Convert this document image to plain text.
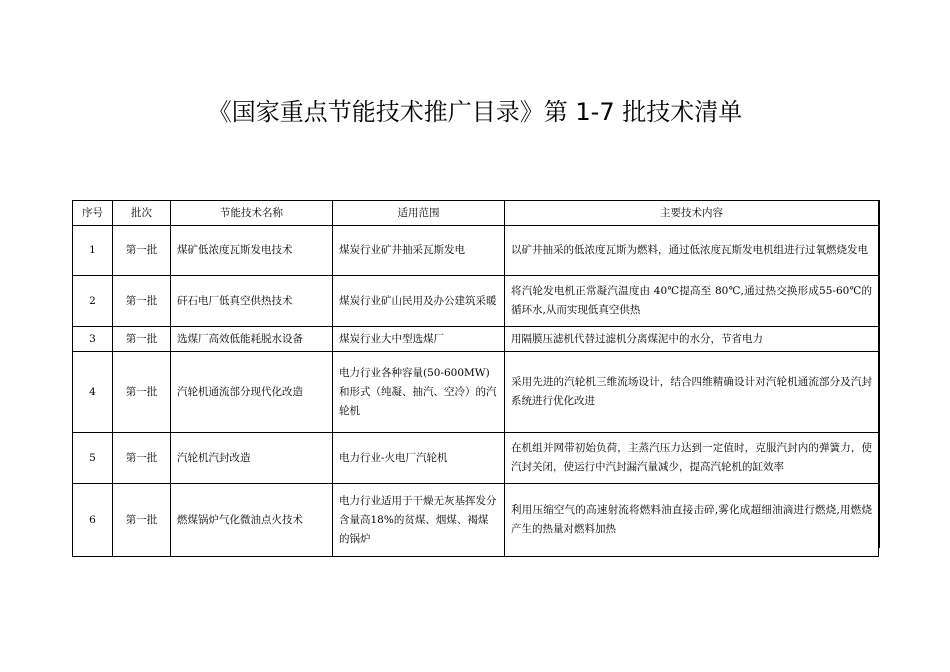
《国家重点节能技术推广目录》第 1-7 批技术清单
序号	批次	节能技术名称	适用范围	主要技术内容
1	第一批	煤矿低浓度瓦斯发电技术	煤炭行业矿井抽采瓦斯发电	以矿井抽采的低浓度瓦斯为燃料，通过低浓度瓦斯发电机组进行过氧燃烧发电
2	第一批	矸石电厂低真空供热技术	煤炭行业矿山民用及办公建筑采暖	将汽轮发电机正常凝汽温度由 40℃提高至 80℃,通过热交换形成55-60℃的循环水,从而实现低真空供热
3	第一批	选煤厂高效低能耗脱水设备	煤炭行业大中型选煤厂	用隔膜压滤机代替过滤机分离煤泥中的水分，节省电力
4	第一批	汽轮机通流部分现代化改造	电力行业各种容量(50-600MW)和形式（纯凝、抽汽、空冷）的汽轮机	采用先进的汽轮机三维流场设计，结合四维精确设计对汽轮机通流部分及汽封系统进行优化改进
5	第一批	汽轮机汽封改造	电力行业-火电厂汽轮机	在机组并网带初始负荷，主蒸汽压力达到一定值时，克服汽封内的弹簧力，使汽封关闭，使运行中汽封漏汽量减少，提高汽轮机的缸效率
6	第一批	燃煤锅炉气化微油点火技术	电力行业适用于干燥无灰基挥发分含量高18%的贫煤、烟煤、褐煤的锅炉	利用压缩空气的高速射流将燃料油直接击碎,雾化成超细油滴进行燃烧,用燃烧产生的热量对燃料加热
